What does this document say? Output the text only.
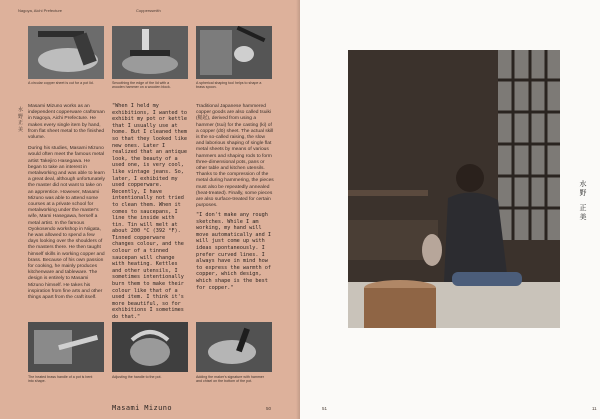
Nagoya, Aichi Prefecture	Copperssmith
A circular copper sheet is cut for a pot lid.	Smoothing the edge of the lid with a wooden hammer on a wooden block.
A spherical shaping tool helps to shape a brass spoon.
水野正美
Masami Mizuno works as an independent copperware craftsman in Nagoya, Aichi Prefecture. He makes every single item by hand, from flat sheet metal to the finished volume.
During his studies, Masami Mizuno would often meet the famous metal artist Takejiro Hasegawa. He began to take an interest in metalworking and was able to learn a great deal, although unfortunately the master did not want to take on an apprentice. However, Masami Mizuno was able to attend some courses at a private school for metalworking under the master's wife, Mami Hasegawa, herself a metal artist. In the famous Oyokosendo workshop in Niigata, he was allowed to spend a few days looking over the shoulders of the masters there. He then taught himself skills in working copper and brass. Because of his own passion for cooking, he mainly produces kitchenware and tableware. The design is entirely to Masami Mizuno himself. He takes his inspiration from fine arts and other things apart from the craft itself.
"When I held my exhibitions, I wanted to exhibit my pot or kettle that I usually use at home. But I cleaned them so that they looked like new ones. Later I realized that an antique look, the beauty of a used one, is very cool, like vintage jeans. So, later, I exhibited my used copperware. Recently, I have intentionally not tried to clean them. When it comes to saucepans, I line the inside with tin. Tin will melt at about 200 °C (392 °F). Tinned copperware changes colour, and the colour of a tinned saucepan will change with heating. Kettles and other utensils, I sometimes intentionally burn them to make their colour like that of a used item. I think it's more beautiful, so for exhibitions I sometimes do that."
Traditional Japanese hammered copper goods are also called tsuiki (槌起), derived from using a hammer (tsui) for the casting (ki) of a copper (dō) sheet. The actual skill is the so-called raising, the slow and laborious shaping of single flat metal sheets by means of various hammers and shaping rods to form three-dimensional pots, pans or other table and kitchen utensils. Thanks to the compression of the metal during hammering, the pieces must also be repeatedly annealed (heat-treated). Finally, some pieces are also surface-treated for certain purposes.
"I don't make any rough sketches. While I am working, my hand will move automatically and I will just come up with ideas spontaneously. I prefer curved lines. I always have in mind how to express the warmth of copper, which design, which shape is the best for copper."
The heated brass handle of a pot is bent into shape.
Adjusting the handle to the pot.	Adding the maker's signature with hammer and chisel on the bottom of the pot.
Masami Mizuno	50	51	11
水
野
正
美
